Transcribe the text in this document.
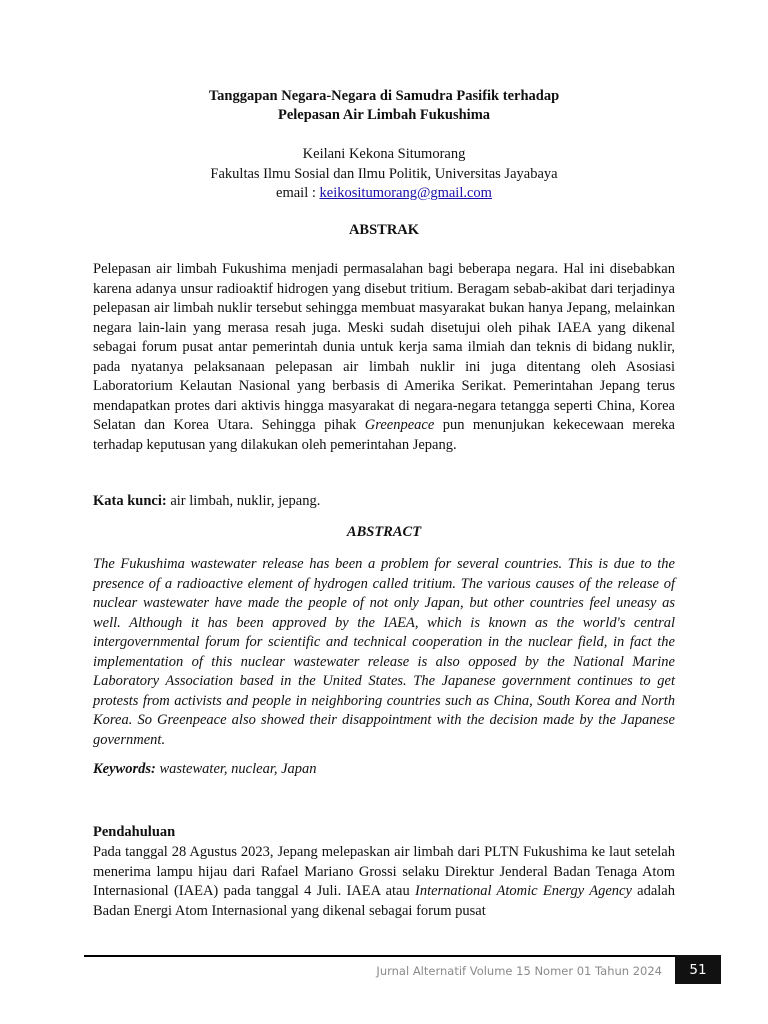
Tanggapan Negara-Negara di Samudra Pasifik terhadap
Pelepasan Air Limbah Fukushima
Keilani Kekona Situmorang
Fakultas Ilmu Sosial dan Ilmu Politik, Universitas Jayabaya
email : keikositumorang@gmail.com
ABSTRAK

Pelepasan air limbah Fukushima menjadi permasalahan bagi beberapa negara. Hal ini disebabkan karena adanya unsur radioaktif hidrogen yang disebut tritium. Beragam sebab-akibat dari terjadinya pelepasan air limbah nuklir tersebut sehingga membuat masyarakat bukan hanya Jepang, melainkan negara lain-lain yang merasa resah juga. Meski sudah disetujui oleh pihak IAEA yang dikenal sebagai forum pusat antar pemerintah dunia untuk kerja sama ilmiah dan teknis di bidang nuklir, pada nyatanya pelaksanaan pelepasan air limbah nuklir ini juga ditentang oleh Asosiasi Laboratorium Kelautan Nasional yang berbasis di Amerika Serikat. Pemerintahan Jepang terus mendapatkan protes dari aktivis hingga masyarakat di negara-negara tetangga seperti China, Korea Selatan dan Korea Utara. Sehingga pihak Greenpeace pun menunjukan kekecewaan mereka terhadap keputusan yang dilakukan oleh pemerintahan Jepang.

Kata kunci: air limbah, nuklir, jepang.

ABSTRACT

The Fukushima wastewater release has been a problem for several countries. This is due to the presence of a radioactive element of hydrogen called tritium. The various causes of the release of nuclear wastewater have made the people of not only Japan, but other countries feel uneasy as well. Although it has been approved by the IAEA, which is known as the world's central intergovernmental forum for scientific and technical cooperation in the nuclear field, in fact the implementation of this nuclear wastewater release is also opposed by the National Marine Laboratory Association based in the United States. The Japanese government continues to get protests from activists and people in neighboring countries such as China, South Korea and North Korea. So Greenpeace also showed their disappointment with the decision made by the Japanese government.

Keywords: wastewater, nuclear, Japan

Pendahuluan

Pada tanggal 28 Agustus 2023, Jepang melepaskan air limbah dari PLTN Fukushima ke laut setelah menerima lampu hijau dari Rafael Mariano Grossi selaku Direktur Jenderal Badan Tenaga Atom Internasional (IAEA) pada tanggal 4 Juli. IAEA atau International Atomic Energy Agency adalah Badan Energi Atom Internasional yang dikenal sebagai forum pusat

Jurnal Alternatif Volume 15 Nomer 01 Tahun 2024 51
